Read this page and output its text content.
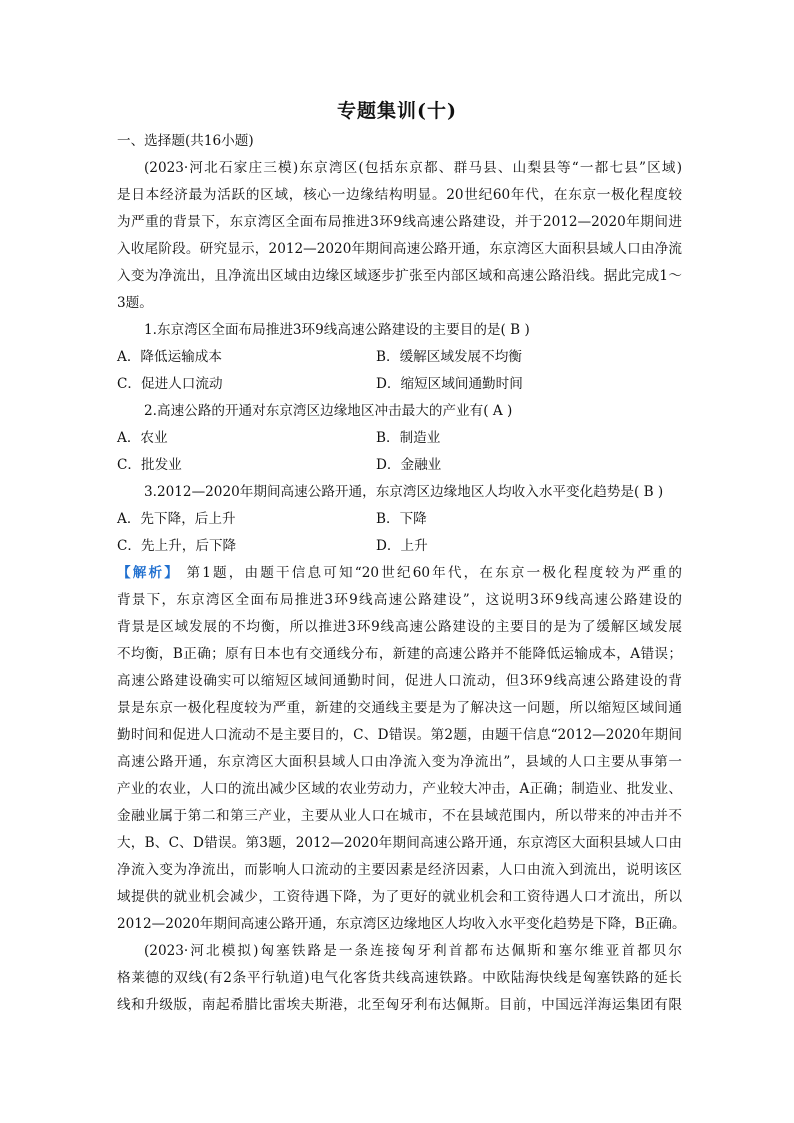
专题集训(十)
一、选择题(共16小题)
(2023·河北石家庄三模)东京湾区(包括东京都、群马县、山梨县等“一都七县”区域)
是日本经济最为活跃的区域，核心一边缘结构明显。20世纪60年代，在东京一极化程度较
为严重的背景下，东京湾区全面布局推进3环9线高速公路建设，并于2012—2020年期间进
入收尾阶段。研究显示，2012—2020年期间高速公路开通，东京湾区大面积县域人口由净流
入变为净流出，且净流出区域由边缘区域逐步扩张至内部区域和高速公路沿线。据此完成1～
3题。
1.东京湾区全面布局推进3环9线高速公路建设的主要目的是( B )
A．降低运输成本	B．缓解区域发展不均衡
C．促进人口流动	D．缩短区域间通勤时间
2.高速公路的开通对东京湾区边缘地区冲击最大的产业有( A )
A．农业	B．制造业
C．批发业	D．金融业
3.2012—2020年期间高速公路开通，东京湾区边缘地区人均收入水平变化趋势是( B )
A．先下降，后上升	B．下降
C．先上升，后下降	D．上升
【解析】 第1题，由题干信息可知“20世纪60年代，在东京一极化程度较为严重的
背景下，东京湾区全面布局推进3环9线高速公路建设”，这说明3环9线高速公路建设的
背景是区域发展的不均衡，所以推进3环9线高速公路建设的主要目的是为了缓解区域发展
不均衡，B正确；原有日本也有交通线分布，新建的高速公路并不能降低运输成本，A错误；
高速公路建设确实可以缩短区域间通勤时间，促进人口流动，但3环9线高速公路建设的背
景是东京一极化程度较为严重，新建的交通线主要是为了解决这一问题，所以缩短区域间通
勤时间和促进人口流动不是主要目的，C、D错误。第2题，由题干信息“2012—2020年期间
高速公路开通，东京湾区大面积县域人口由净流入变为净流出”，县域的人口主要从事第一
产业的农业，人口的流出减少区域的农业劳动力，产业较大冲击，A正确；制造业、批发业、
金融业属于第二和第三产业，主要从业人口在城市，不在县域范围内，所以带来的冲击并不
大，B、C、D错误。第3题，2012—2020年期间高速公路开通，东京湾区大面积县域人口由
净流入变为净流出，而影响人口流动的主要因素是经济因素，人口由流入到流出，说明该区
域提供的就业机会减少，工资待遇下降，为了更好的就业机会和工资待遇人口才流出，所以
2012—2020年期间高速公路开通，东京湾区边缘地区人均收入水平变化趋势是下降，B正确。
(2023·河北模拟)匈塞铁路是一条连接匈牙利首都布达佩斯和塞尔维亚首都贝尔
格莱德的双线(有2条平行轨道)电气化客货共线高速铁路。中欧陆海快线是匈塞铁路的延长
线和升级版，南起希腊比雷埃夫斯港，北至匈牙利布达佩斯。目前，中国远洋海运集团有限
